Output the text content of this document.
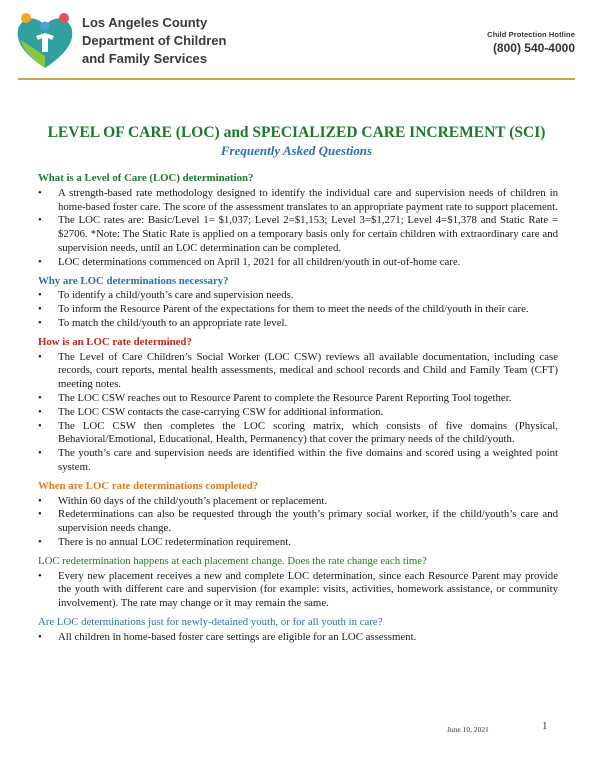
Los Angeles County
Department of Children
and Family Services
Child Protection Hotline
(800) 540-4000
LEVEL OF CARE (LOC) and SPECIALIZED CARE INCREMENT (SCI)
Frequently Asked Questions
What is a Level of Care (LOC) determination?
• A strength-based rate methodology designed to identify the individual care and supervision needs of children in home-based foster care. The score of the assessment translates to an appropriate payment rate to support placement.
• The LOC rates are: Basic/Level 1= $1,037; Level 2=$1,153; Level 3=$1,271; Level 4=$1,378 and Static Rate = $2706. *Note: The Static Rate is applied on a temporary basis only for certain children with extraordinary care and supervision needs, until an LOC determination can be completed.
• LOC determinations commenced on April 1, 2021 for all children/youth in out-of-home care.
Why are LOC determinations necessary?
• To identify a child/youth’s care and supervision needs.
• To inform the Resource Parent of the expectations for them to meet the needs of the child/youth in their care.
• To match the child/youth to an appropriate rate level.
How is an LOC rate determined?
• The Level of Care Children’s Social Worker (LOC CSW) reviews all available documentation, including case records, court reports, mental health assessments, medical and school records and Child and Family Team (CFT) meeting notes.
• The LOC CSW reaches out to Resource Parent to complete the Resource Parent Reporting Tool together.
• The LOC CSW contacts the case-carrying CSW for additional information.
• The LOC CSW then completes the LOC scoring matrix, which consists of five domains (Physical, Behavioral/Emotional, Educational, Health, Permanency) that cover the primary needs of the child/youth.
• The youth’s care and supervision needs are identified within the five domains and scored using a weighted point system.
When are LOC rate determinations completed?
• Within 60 days of the child/youth’s placement or replacement.
• Redeterminations can also be requested through the youth’s primary social worker, if the child/youth’s care and supervision needs change.
• There is no annual LOC redetermination requirement.
LOC redetermination happens at each placement change. Does the rate change each time?
• Every new placement receives a new and complete LOC determination, since each Resource Parent may provide the youth with different care and supervision (for example: visits, activities, homework assistance, or community involvement). The rate may change or it may remain the same.
Are LOC determinations just for newly-detained youth, or for all youth in care?
• All children in home-based foster care settings are eligible for an LOC assessment.
June 10, 2021	1
